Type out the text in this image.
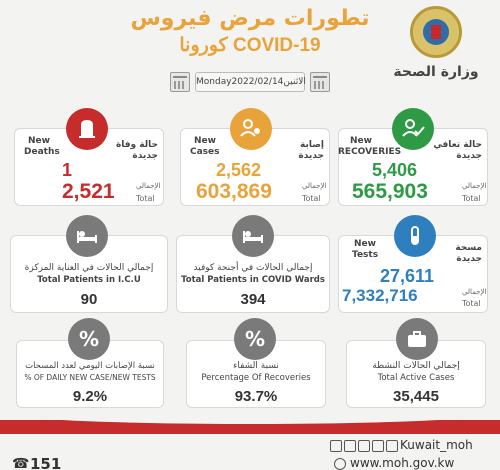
تطورات مرض فيروس
كورونا COVID-19
وزارة الصحة
Monday 2022/02/14 الاثنين
New
RECOVERIES
حالة تعافي جديدة
5,406
الإجمالي
565,903	Total
New
Cases
إصابة جديدة
2,562
الإجمالي
603,869	Total
New
Deaths
حالة وفاة جديدة
1
الإجمالي
2,521	Total
New
Tests
مسحة جديدة
27,611
الإجمالي
7,332,716	Total
إجمالي الحالات في أجنحة كوفيد
Total Patients in COVID Wards
394
إجمالي الحالات في العناية المركزة
Total Patients in I.C.U
90
إجمالي الحالات النشطة
Total Active Cases
35,445
%
نسبة الشفاء
Percentage Of Recoveries
93.7%
%
نسبة الإصابات اليومي لعدد المسحات
% OF DAILY NEW CASE/NEW TESTS
9.2%
Kuwait_moh
www.moh.gov.kw
☎ 151
